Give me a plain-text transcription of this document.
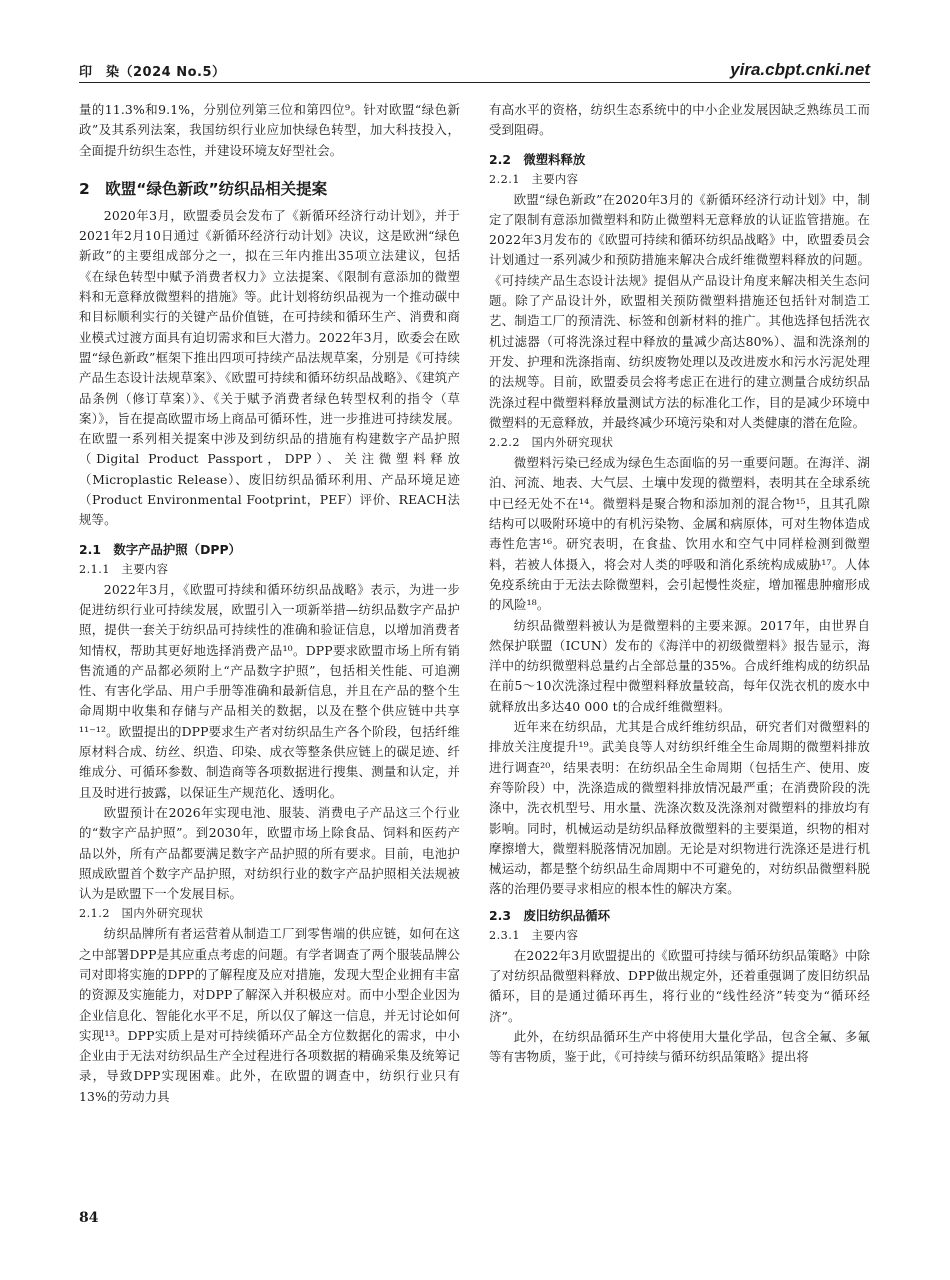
印　染（2024 No.5）	yira.cbpt.cnki.net

量的11.3%和9.1%，分别位列第三位和第四位⁹。针对欧盟“绿色新政”及其系列法案，我国纺织行业应加快绿色转型，加大科技投入，全面提升纺织生态性，并建设环境友好型社会。

2　欧盟“绿色新政”纺织品相关提案

2020年3月，欧盟委员会发布了《新循环经济行动计划》，并于2021年2月10日通过《新循环经济行动计划》决议，这是欧洲“绿色新政”的主要组成部分之一，拟在三年内推出35项立法建议，包括《在绿色转型中赋予消费者权力》立法提案、《限制有意添加的微塑料和无意释放微塑料的措施》等。此计划将纺织品视为一个推动碳中和目标顺利实行的关键产品价值链，在可持续和循环生产、消费和商业模式过渡方面具有迫切需求和巨大潜力。2022年3月，欧委会在欧盟“绿色新政”框架下推出四项可持续产品法规草案，分别是《可持续产品生态设计法规草案》、《欧盟可持续和循环纺织品战略》、《建筑产品条例（修订草案）》、《关于赋予消费者绿色转型权利的指令（草案）》，旨在提高欧盟市场上商品可循环性，进一步推进可持续发展。在欧盟一系列相关提案中涉及到纺织品的措施有构建数字产品护照（Digital Product Passport，DPP）、关注微塑料释放（Microplastic Release）、废旧纺织品循环利用、产品环境足迹（Product Environmental Footprint，PEF）评价、REACH法规等。

2.1　数字产品护照（DPP）
2.1.1　主要内容

2022年3月，《欧盟可持续和循环纺织品战略》表示，为进一步促进纺织行业可持续发展，欧盟引入一项新举措—纺织品数字产品护照，提供一套关于纺织品可持续性的准确和验证信息，以增加消费者知情权，帮助其更好地选择消费产品¹⁰。DPP要求欧盟市场上所有销售流通的产品都必须附上“产品数字护照”，包括相关性能、可追溯性、有害化学品、用户手册等准确和最新信息，并且在产品的整个生命周期中收集和存储与产品相关的数据，以及在整个供应链中共享¹¹⁻¹²。欧盟提出的DPP要求生产者对纺织品生产各个阶段，包括纤维原材料合成、纺丝、织造、印染、成衣等整条供应链上的碳足迹、纤维成分、可循环参数、制造商等各项数据进行搜集、测量和认定，并且及时进行披露，以保证生产规范化、透明化。

欧盟预计在2026年实现电池、服装、消费电子产品这三个行业的“数字产品护照”。到2030年，欧盟市场上除食品、饲料和医药产品以外，所有产品都要满足数字产品护照的所有要求。目前，电池护照成欧盟首个数字产品护照，对纺织行业的数字产品护照相关法规被认为是欧盟下一个发展目标。

2.1.2　国内外研究现状

纺织品牌所有者运营着从制造工厂到零售端的供应链，如何在这之中部署DPP是其应重点考虑的问题。有学者调查了两个服装品牌公司对即将实施的DPP的了解程度及应对措施，发现大型企业拥有丰富的资源及实施能力，对DPP了解深入并积极应对。而中小型企业因为企业信息化、智能化水平不足，所以仅了解这一信息，并无讨论如何实现¹³。DPP实质上是对可持续循环产品全方位数据化的需求，中小企业由于无法对纺织品生产全过程进行各项数据的精确采集及统筹记录，导致DPP实现困难。此外，在欧盟的调查中，纺织行业只有13%的劳动力具

有高水平的资格，纺织生态系统中的中小企业发展因缺乏熟练员工而受到阻碍。

2.2　微塑料释放
2.2.1　主要内容

欧盟“绿色新政”在2020年3月的《新循环经济行动计划》中，制定了限制有意添加微塑料和防止微塑料无意释放的认证监管措施。在2022年3月发布的《欧盟可持续和循环纺织品战略》中，欧盟委员会计划通过一系列减少和预防措施来解决合成纤维微塑料释放的问题。《可持续产品生态设计法规》提倡从产品设计角度来解决相关生态问题。除了产品设计外，欧盟相关预防微塑料措施还包括针对制造工艺、制造工厂的预清洗、标签和创新材料的推广。其他选择包括洗衣机过滤器（可将洗涤过程中释放的量减少高达80%）、温和洗涤剂的开发、护理和洗涤指南、纺织废物处理以及改进废水和污水污泥处理的法规等。目前，欧盟委员会将考虑正在进行的建立测量合成纺织品洗涤过程中微塑料释放量测试方法的标准化工作，目的是减少环境中微塑料的无意释放，并最终减少环境污染和对人类健康的潜在危险。

2.2.2　国内外研究现状

微塑料污染已经成为绿色生态面临的另一重要问题。在海洋、湖泊、河流、地表、大气层、土壤中发现的微塑料，表明其在全球系统中已经无处不在¹⁴。微塑料是聚合物和添加剂的混合物¹⁵，且其孔隙结构可以吸附环境中的有机污染物、金属和病原体，可对生物体造成毒性危害¹⁶。研究表明，在食盐、饮用水和空气中同样检测到微塑料，若被人体摄入，将会对人类的呼吸和消化系统构成威胁¹⁷。人体免疫系统由于无法去除微塑料，会引起慢性炎症，增加罹患肿瘤形成的风险¹⁸。

纺织品微塑料被认为是微塑料的主要来源。2017年，由世界自然保护联盟（ICUN）发布的《海洋中的初级微塑料》报告显示，海洋中的纺织微塑料总量约占全部总量的35%。合成纤维构成的纺织品在前5～10次洗涤过程中微塑料释放量较高，每年仅洗衣机的废水中就释放出多达40 000 t的合成纤维微塑料。

近年来在纺织品，尤其是合成纤维纺织品，研究者们对微塑料的排放关注度提升¹⁹。武美良等人对纺织纤维全生命周期的微塑料排放进行调查²⁰，结果表明：在纺织品全生命周期（包括生产、使用、废弃等阶段）中，洗涤造成的微塑料排放情况最严重；在消费阶段的洗涤中，洗衣机型号、用水量、洗涤次数及洗涤剂对微塑料的排放均有影响。同时，机械运动是纺织品释放微塑料的主要渠道，织物的相对摩擦增大，微塑料脱落情况加剧。无论是对织物进行洗涤还是进行机械运动，都是整个纺织品生命周期中不可避免的，对纺织品微塑料脱落的治理仍要寻求相应的根本性的解决方案。

2.3　废旧纺织品循环
2.3.1　主要内容

在2022年3月欧盟提出的《欧盟可持续与循环纺织品策略》中除了对纺织品微塑料释放、DPP做出规定外，还着重强调了废旧纺织品循环，目的是通过循环再生，将行业的“线性经济”转变为“循环经济”。

此外，在纺织品循环生产中将使用大量化学品，包含全氟、多氟等有害物质，鉴于此，《可持续与循环纺织品策略》提出将

84
